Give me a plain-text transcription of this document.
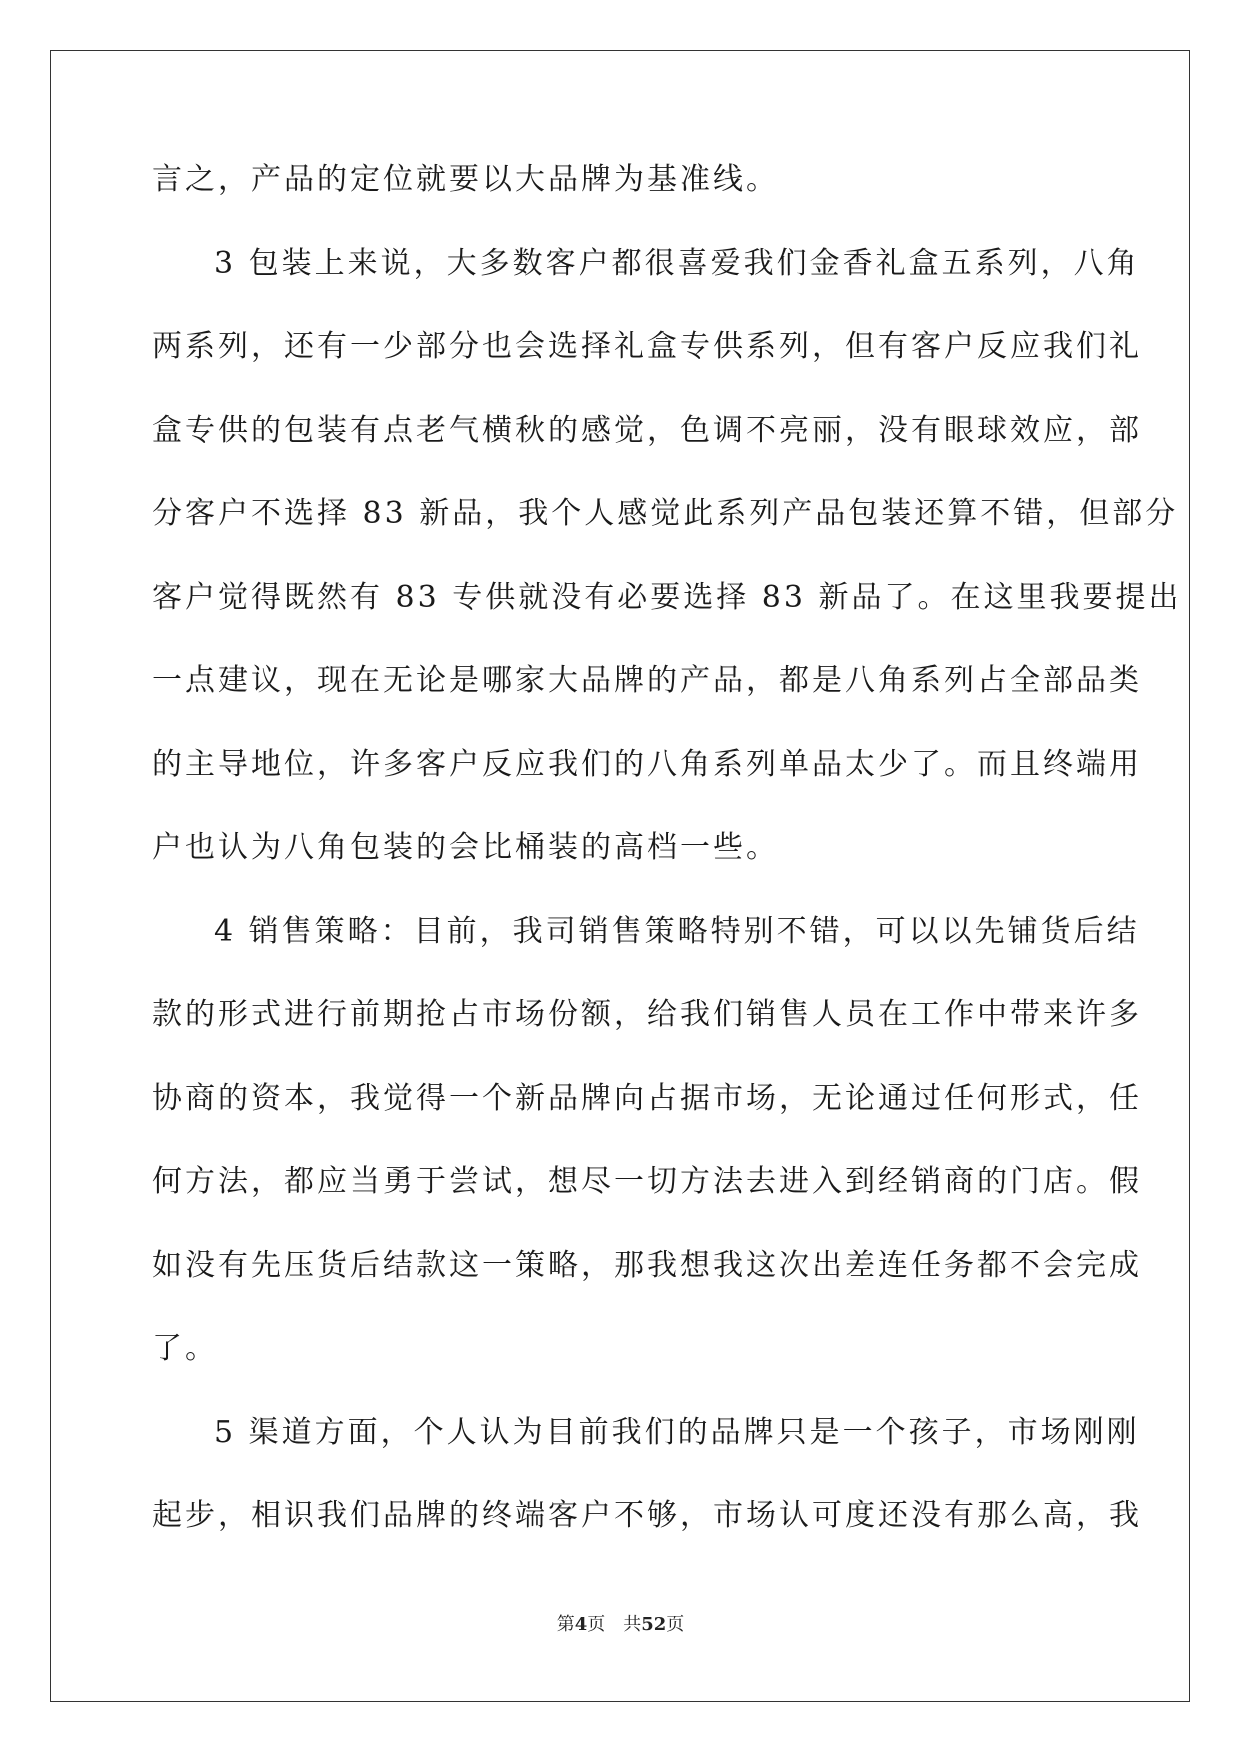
言之，产品的定位就要以大品牌为基准线。
3 包装上来说，大多数客户都很喜爱我们金香礼盒五系列，八角
两系列，还有一少部分也会选择礼盒专供系列，但有客户反应我们礼
盒专供的包装有点老气横秋的感觉，色调不亮丽，没有眼球效应，部
分客户不选择 83 新品，我个人感觉此系列产品包装还算不错，但部分
客户觉得既然有 83 专供就没有必要选择 83 新品了。在这里我要提出
一点建议，现在无论是哪家大品牌的产品，都是八角系列占全部品类
的主导地位，许多客户反应我们的八角系列单品太少了。而且终端用
户也认为八角包装的会比桶装的高档一些。
4 销售策略：目前，我司销售策略特别不错，可以以先铺货后结
款的形式进行前期抢占市场份额，给我们销售人员在工作中带来许多
协商的资本，我觉得一个新品牌向占据市场，无论通过任何形式，任
何方法，都应当勇于尝试，想尽一切方法去进入到经销商的门店。假
如没有先压货后结款这一策略，那我想我这次出差连任务都不会完成
了。
5 渠道方面，个人认为目前我们的品牌只是一个孩子，市场刚刚
起步，相识我们品牌的终端客户不够，市场认可度还没有那么高，我
第4页 共52页
